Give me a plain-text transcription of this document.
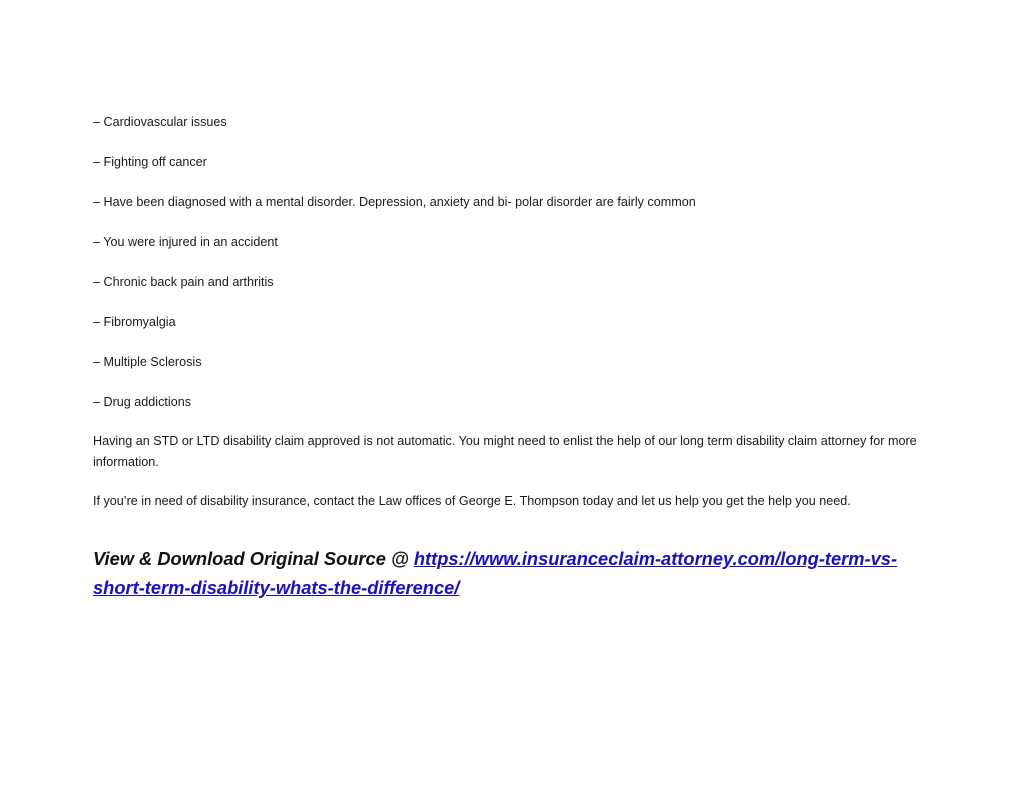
– Cardiovascular issues

– Fighting off cancer

– Have been diagnosed with a mental disorder. Depression, anxiety and bi- polar disorder are fairly common

– You were injured in an accident

– Chronic back pain and arthritis

– Fibromyalgia

– Multiple Sclerosis

– Drug addictions

Having an STD or LTD disability claim approved is not automatic. You might need to enlist the help of our long term disability claim attorney for more information.

If you’re in need of disability insurance, contact the Law offices of George E. Thompson today and let us help you get the help you need.

View & Download Original Source @ https://www.insuranceclaim-attorney.com/long-term-vs-short-term-disability-whats-the-difference/
